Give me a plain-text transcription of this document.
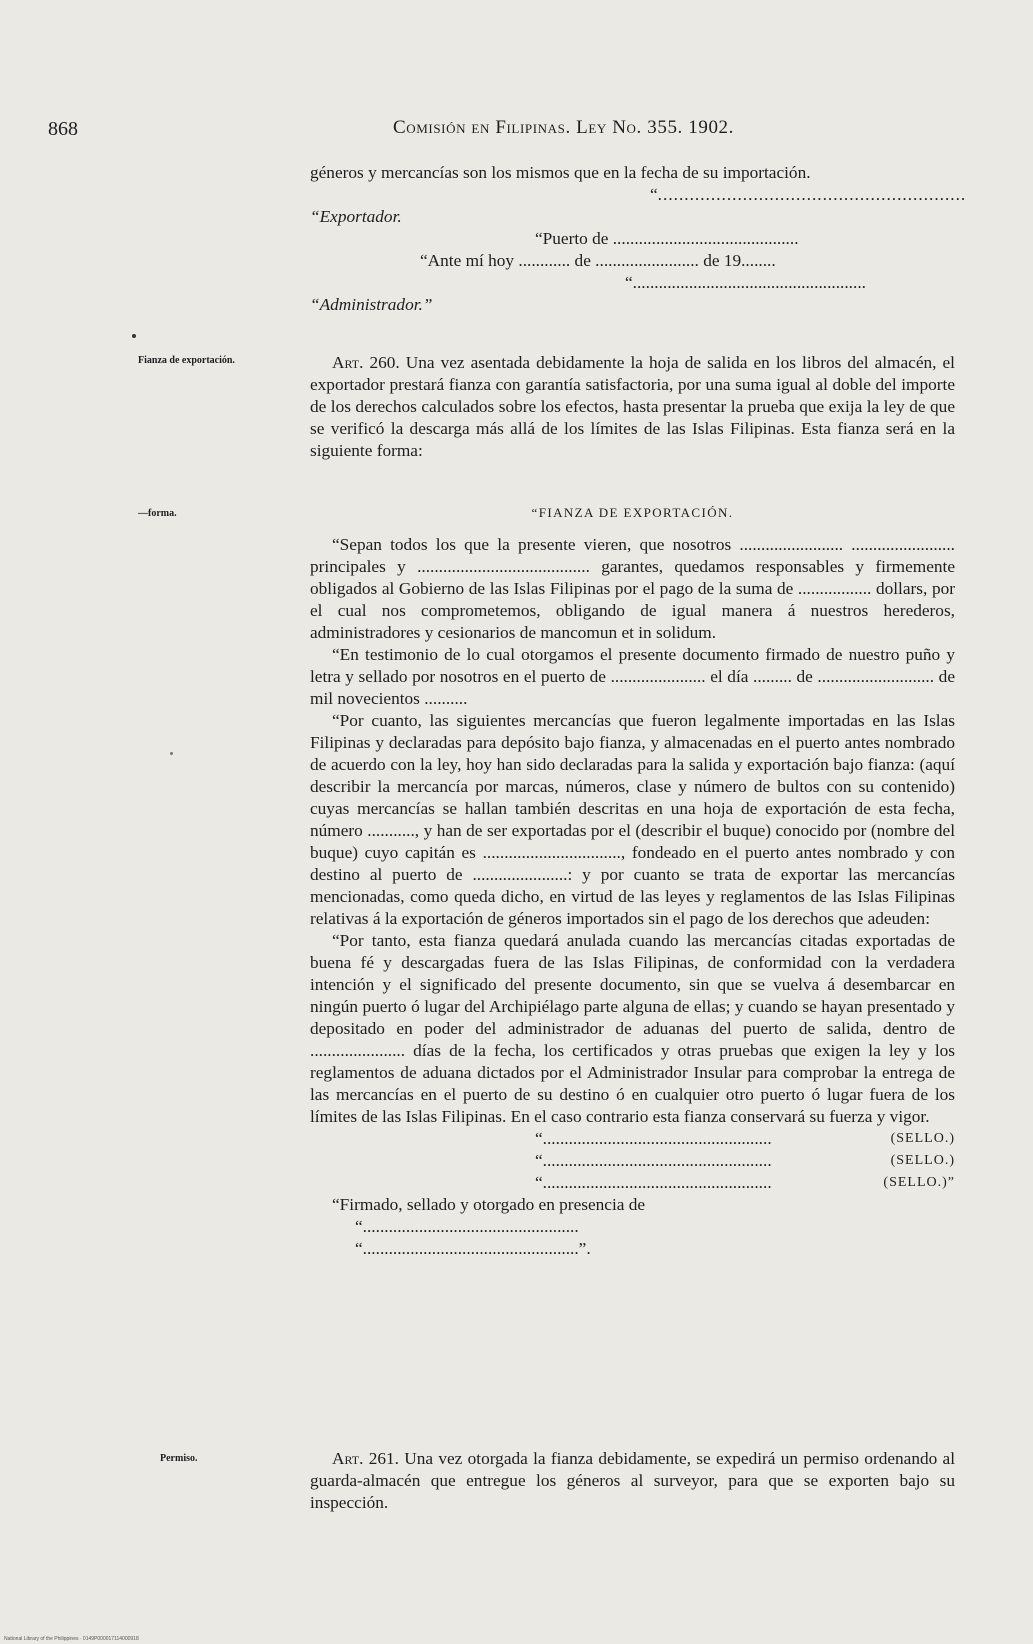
868	Comisión en Filipinas. Ley No. 355. 1902.
Fianza de exportación.
—forma.
Permiso.

géneros y mercancías son los mismos que en la fecha de su importación.

“..........................................................

“Exportador.

“Puerto de ...........................................
“Ante mí hoy ............ de ........................ de 19........
“......................................................

“Administrador.”

Art. 260. Una vez asentada debidamente la hoja de salida en los libros del almacén, el exportador prestará fianza con garantía satisfactoria, por una suma igual al doble del importe de los derechos calculados sobre los efectos, hasta presentar la prueba que exija la ley de que se verificó la descarga más allá de los límites de las Islas Filipinas. Esta fianza será en la siguiente forma:

“FIANZA DE EXPORTACIÓN.

“Sepan todos los que la presente vieren, que nosotros ........................ ........................ principales y ........................................ garantes, quedamos responsables y firmemente obligados al Gobierno de las Islas Filipinas por el pago de la suma de ................. dollars, por el cual nos comprometemos, obligando de igual manera á nuestros herederos, administradores y cesionarios de mancomun et in solidum.

“En testimonio de lo cual otorgamos el presente documento firmado de nuestro puño y letra y sellado por nosotros en el puerto de ...................... el día ......... de ........................... de mil novecientos ..........

“Por cuanto, las siguientes mercancías que fueron legalmente importadas en las Islas Filipinas y declaradas para depósito bajo fianza, y almacenadas en el puerto antes nombrado de acuerdo con la ley, hoy han sido declaradas para la salida y exportación bajo fianza: (aquí describir la mercancía por marcas, números, clase y número de bultos con su contenido) cuyas mercancías se hallan también descritas en una hoja de exportación de esta fecha, número ..........., y han de ser exportadas por el (describir el buque) conocido por (nombre del buque) cuyo capitán es ................................, fondeado en el puerto antes nombrado y con destino al puerto de ......................: y por cuanto se trata de exportar las mercancías mencionadas, como queda dicho, en virtud de las leyes y reglamentos de las Islas Filipinas relativas á la exportación de géneros importados sin el pago de los derechos que adeuden:

“Por tanto, esta fianza quedará anulada cuando las mercancías citadas exportadas de buena fé y descargadas fuera de las Islas Filipinas, de conformidad con la verdadera intención y el significado del presente documento, sin que se vuelva á desembarcar en ningún puerto ó lugar del Archipiélago parte alguna de ellas; y cuando se hayan presentado y depositado en poder del administrador de aduanas del puerto de salida, dentro de ...................... días de la fecha, los certificados y otras pruebas que exigen la ley y los reglamentos de aduana dictados por el Administrador Insular para comprobar la entrega de las mercancías en el puerto de su destino ó en cualquier otro puerto ó lugar fuera de los límites de las Islas Filipinas. En el caso contrario esta fianza conservará su fuerza y vigor.

“.....................................................	(SELLO.)
“.....................................................	(SELLO.)
“.....................................................	(SELLO.)”

“Firmado, sellado y otorgado en presencia de

“..................................................
“..................................................”.

Art. 261. Una vez otorgada la fianza debidamente, se expedirá un permiso ordenando al guarda-almacén que entregue los géneros al surveyor, para que se exporten bajo su inspección.

National Library of the Philippines · 0149P000017114000918
